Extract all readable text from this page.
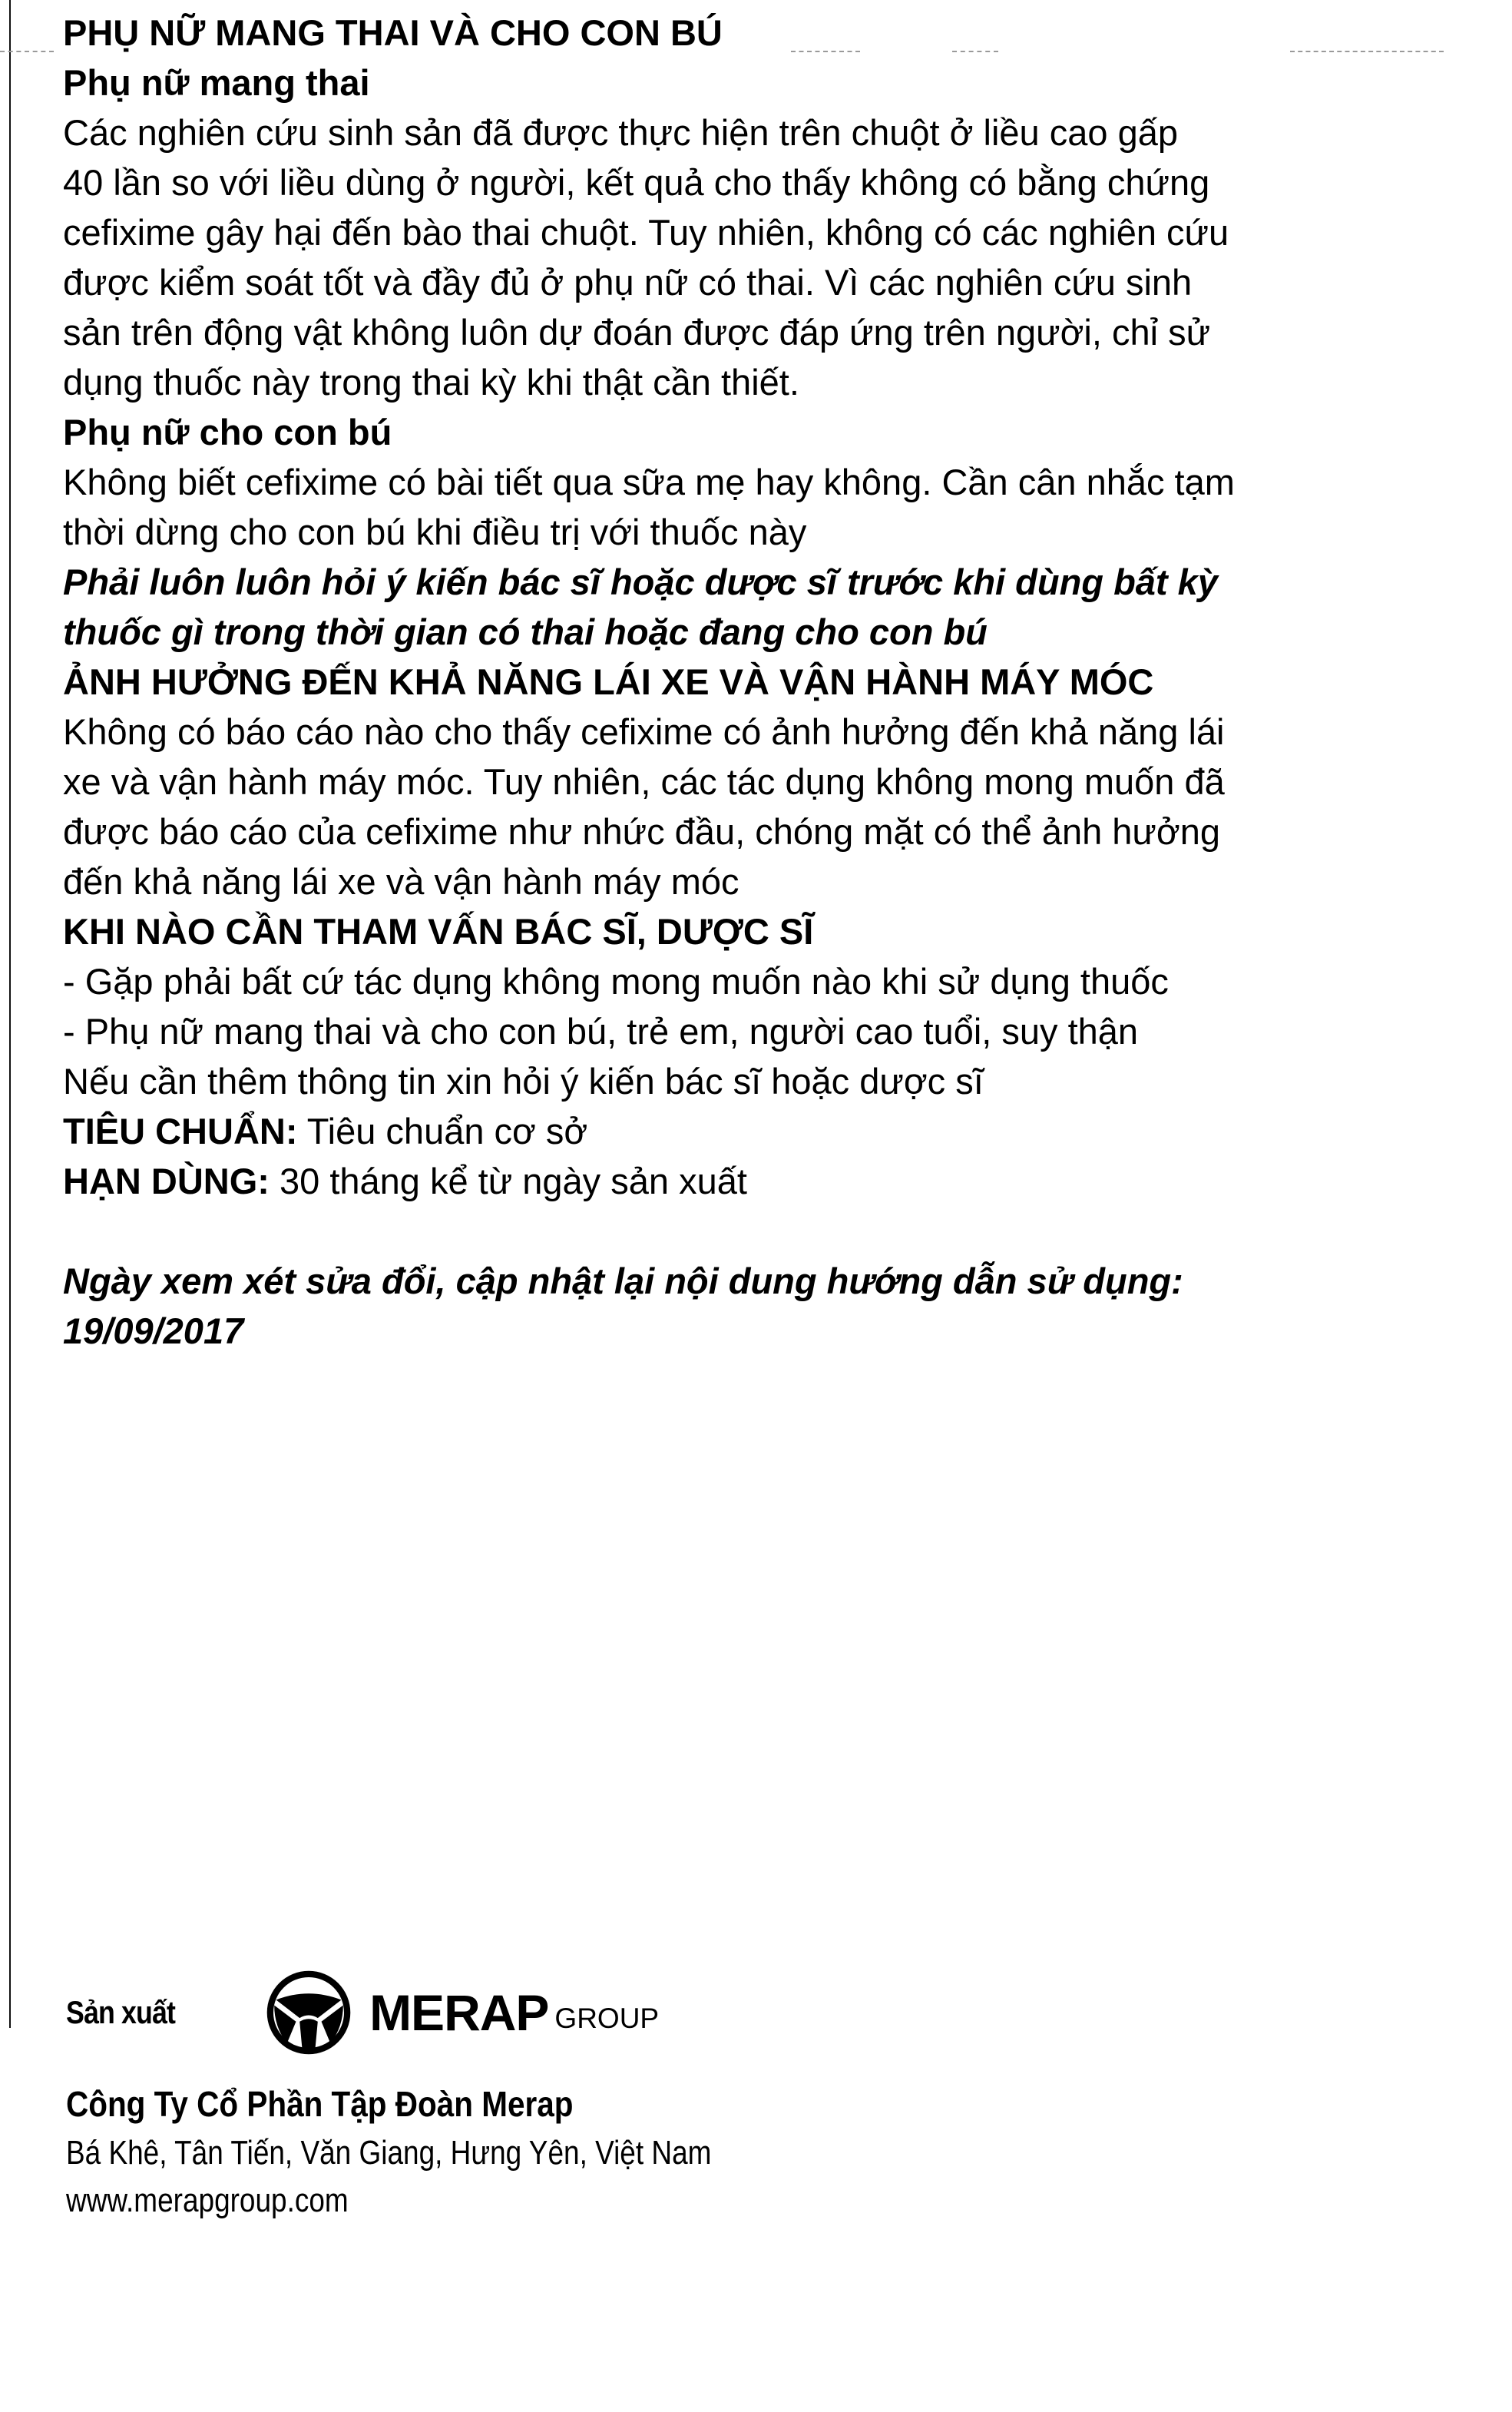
PHỤ NỮ MANG THAI VÀ CHO CON BÚ
Phụ nữ mang thai
Các nghiên cứu sinh sản đã được thực hiện trên chuột ở liều cao gấp
40 lần so với liều dùng ở người, kết quả cho thấy không có bằng chứng
cefixime gây hại đến bào thai chuột. Tuy nhiên, không có các nghiên cứu
được kiểm soát tốt và đầy đủ ở phụ nữ có thai. Vì các nghiên cứu sinh
sản trên động vật không luôn dự đoán được đáp ứng trên người, chỉ sử
dụng thuốc này trong thai kỳ khi thật cần thiết.
Phụ nữ cho con bú
Không biết cefixime có bài tiết qua sữa mẹ hay không. Cần cân nhắc tạm
thời dừng cho con bú khi điều trị với thuốc này
Phải luôn luôn hỏi ý kiến bác sĩ hoặc dược sĩ trước khi dùng bất kỳ
thuốc gì trong thời gian có thai hoặc đang cho con bú
ẢNH HƯỞNG ĐẾN KHẢ NĂNG LÁI XE VÀ VẬN HÀNH MÁY MÓC
Không có báo cáo nào cho thấy cefixime có ảnh hưởng đến khả năng lái
xe và vận hành máy móc. Tuy nhiên, các tác dụng không mong muốn đã
được báo cáo của cefixime như nhức đầu, chóng mặt có thể ảnh hưởng
đến khả năng lái xe và vận hành máy móc
KHI NÀO CẦN THAM VẤN BÁC SĨ, DƯỢC SĨ
- Gặp phải bất cứ tác dụng không mong muốn nào khi sử dụng thuốc
- Phụ nữ mang thai và cho con bú, trẻ em, người cao tuổi, suy thận
Nếu cần thêm thông tin xin hỏi ý kiến bác sĩ hoặc dược sĩ
TIÊU CHUẨN: Tiêu chuẩn cơ sở
HẠN DÙNG: 30 tháng kể từ ngày sản xuất
Ngày xem xét sửa đổi, cập nhật lại nội dung hướng dẫn sử dụng:
19/09/2017
Sản xuất	MERAP GROUP
Công Ty Cổ Phần Tập Đoàn Merap
Bá Khê, Tân Tiến, Văn Giang, Hưng Yên, Việt Nam
www.merapgroup.com
